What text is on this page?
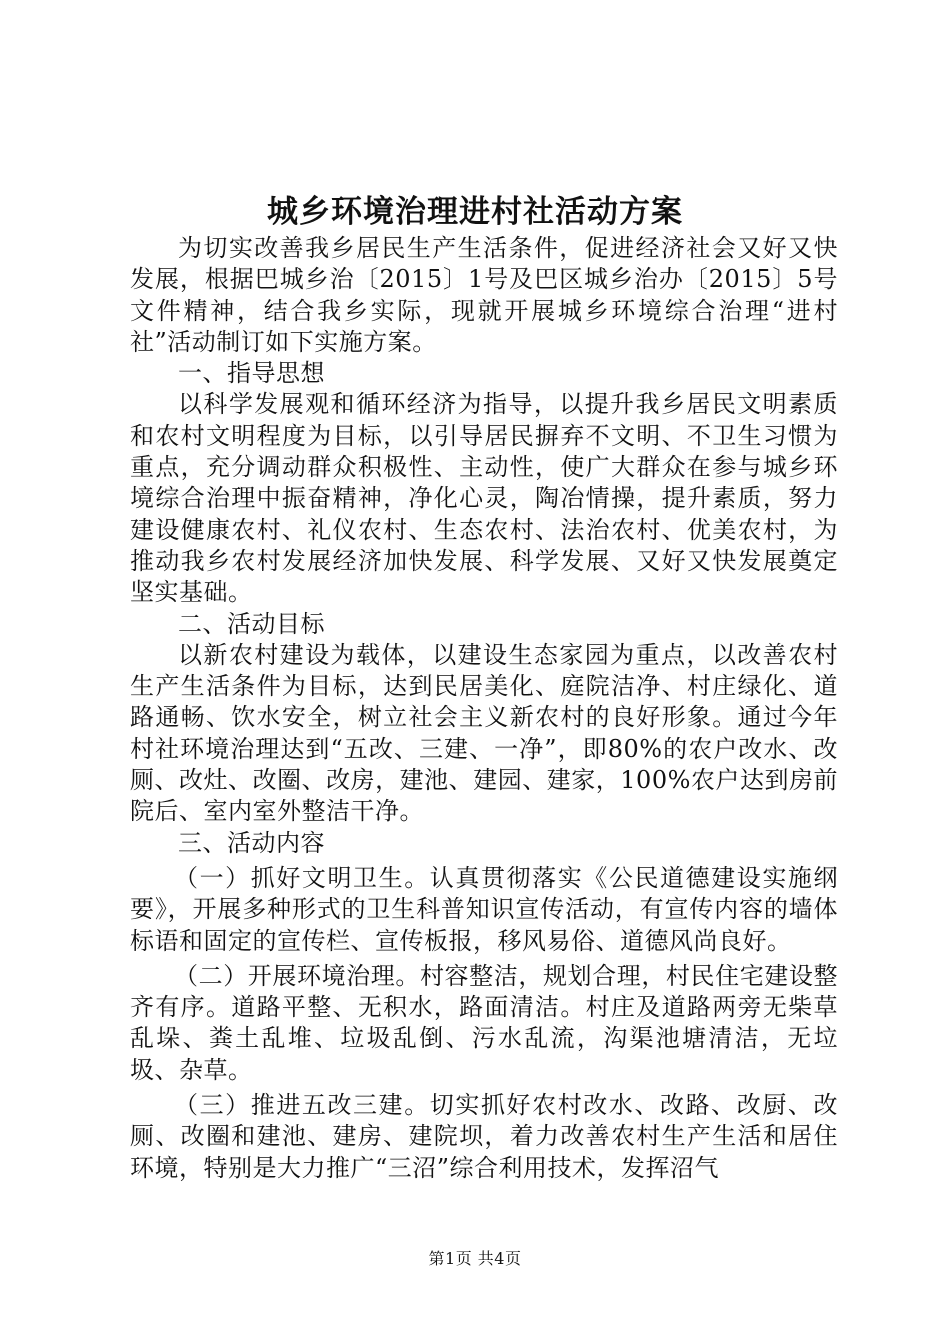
城乡环境治理进村社活动方案

为切实改善我乡居民生产生活条件，促进经济社会又好又快发展，根据巴城乡治〔2015〕1号及巴区城乡治办〔2015〕5号文件精神，结合我乡实际，现就开展城乡环境综合治理“进村社”活动制订如下实施方案。

一、指导思想

以科学发展观和循环经济为指导，以提升我乡居民文明素质和农村文明程度为目标，以引导居民摒弃不文明、不卫生习惯为重点，充分调动群众积极性、主动性，使广大群众在参与城乡环境综合治理中振奋精神，净化心灵，陶冶情操，提升素质，努力建设健康农村、礼仪农村、生态农村、法治农村、优美农村，为推动我乡农村发展经济加快发展、科学发展、又好又快发展奠定坚实基础。

二、活动目标

以新农村建设为载体，以建设生态家园为重点，以改善农村生产生活条件为目标，达到民居美化、庭院洁净、村庄绿化、道路通畅、饮水安全，树立社会主义新农村的良好形象。通过今年村社环境治理达到“五改、三建、一净”，即80%的农户改水、改厕、改灶、改圈、改房，建池、建园、建家，100%农户达到房前院后、室内室外整洁干净。

三、活动内容

（一）抓好文明卫生。认真贯彻落实《公民道德建设实施纲要》，开展多种形式的卫生科普知识宣传活动，有宣传内容的墙体标语和固定的宣传栏、宣传板报，移风易俗、道德风尚良好。

（二）开展环境治理。村容整洁，规划合理，村民住宅建设整齐有序。道路平整、无积水，路面清洁。村庄及道路两旁无柴草乱垛、粪土乱堆、垃圾乱倒、污水乱流，沟渠池塘清洁，无垃圾、杂草。

（三）推进五改三建。切实抓好农村改水、改路、改厨、改厕、改圈和建池、建房、建院坝，着力改善农村生产生活和居住环境，特别是大力推广“三沼”综合利用技术，发挥沼气

第1页 共4页
